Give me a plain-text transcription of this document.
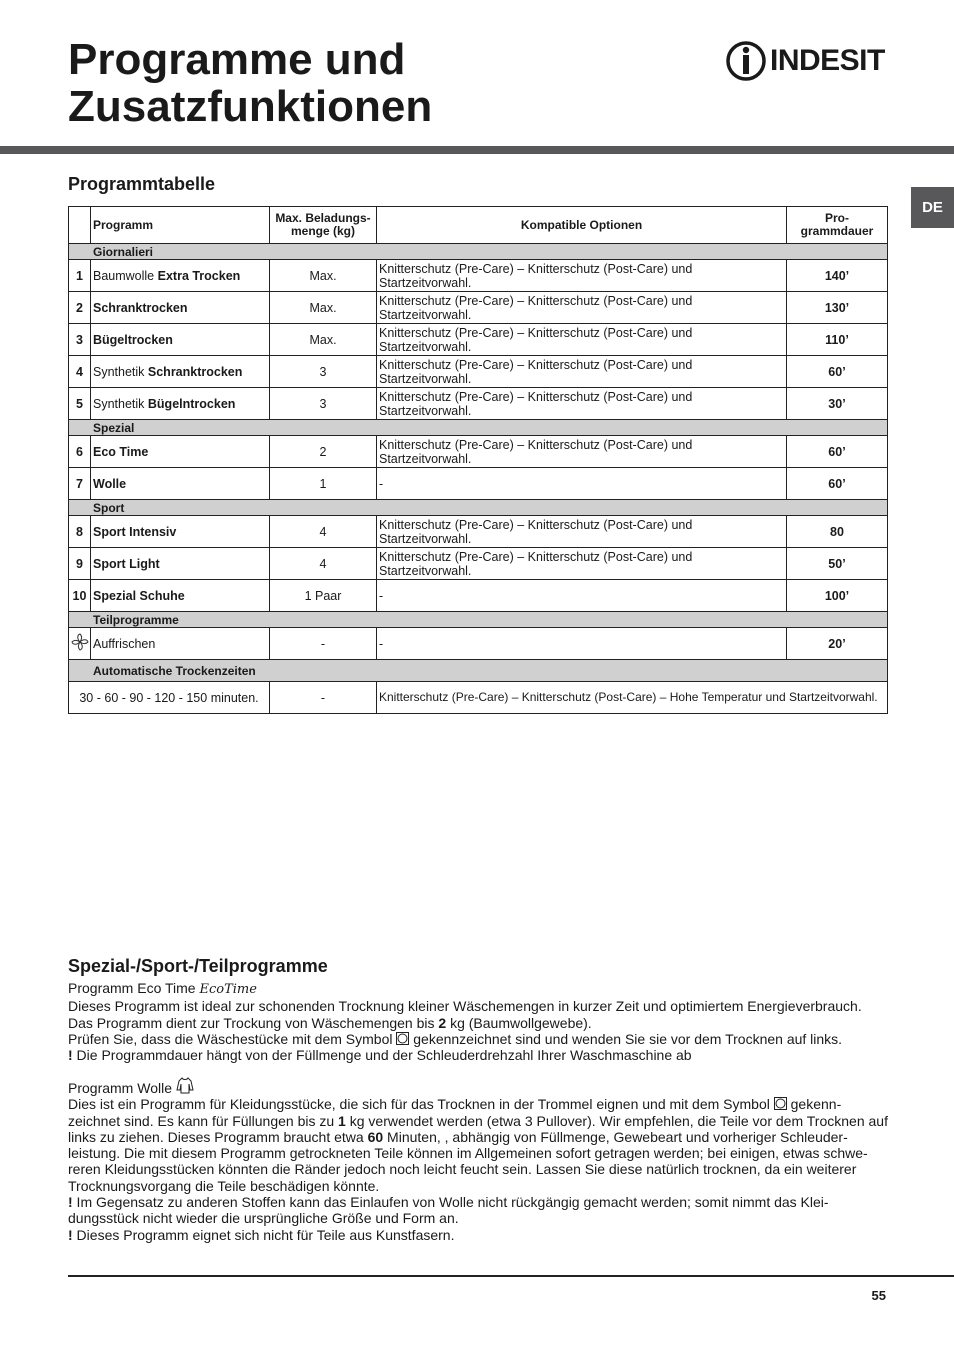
Programme und
Zusatzfunktionen
INDESIT
DE
Programmtabelle
	Programm	Max. Beladungs-menge (kg)	Kompatible Optionen	Pro-grammdauer
Giornalieri				
1	Baumwolle Extra Trocken	Max.	Knitterschutz (Pre-Care) – Knitterschutz (Post-Care) und Startzeitvorwahl.	140’
2	Schranktrocken	Max.	Knitterschutz (Pre-Care) – Knitterschutz (Post-Care) und Startzeitvorwahl.	130’
3	Bügeltrocken	Max.	Knitterschutz (Pre-Care) – Knitterschutz (Post-Care) und Startzeitvorwahl.	110’
4	Synthetik Schranktrocken	3	Knitterschutz (Pre-Care) – Knitterschutz (Post-Care) und Startzeitvorwahl.	60’
5	Synthetik Bügelntrocken	3	Knitterschutz (Pre-Care) – Knitterschutz (Post-Care) und Startzeitvorwahl.	30’
Spezial				
6	Eco Time	2	Knitterschutz (Pre-Care) – Knitterschutz (Post-Care) und Startzeitvorwahl.	60’
7	Wolle	1	-	60’
Sport				
8	Sport Intensiv	4	Knitterschutz (Pre-Care) – Knitterschutz (Post-Care) und Startzeitvorwahl.	80
9	Sport Light	4	Knitterschutz (Pre-Care) – Knitterschutz (Post-Care) und Startzeitvorwahl.	50’
10	Spezial Schuhe	1 Paar	-	100’
Teilprogramme				
	Auffrischen	-	-	20’
Automatische Trockenzeiten				
30 - 60 - 90 - 120 - 150 minuten.		-	Knitterschutz (Pre-Care) – Knitterschutz (Post-Care) – Hohe Temperatur und Startzeitvorwahl.	
Spezial-/Sport-/Teilprogramme

Programm Eco Time EcoTime

Dieses Programm ist ideal zur schonenden Trocknung kleiner Wäschemengen in kurzer Zeit und optimiertem Energieverbrauch. Das Programm dient zur Trockung von Wäschemengen bis 2 kg (Baumwollgewebe).

Prüfen Sie, dass die Wäschestücke mit dem Symbol  gekennzeichnet sind und wenden Sie sie vor dem Trocknen auf links.

! Die Programmdauer hängt von der Füllmenge und der Schleuderdrehzahl Ihrer Waschmaschine ab

Programm Wolle

Dies ist ein Programm für Kleidungsstücke, die sich für das Trocknen in der Trommel eignen und mit dem Symbol  gekenn-zeichnet sind. Es kann für Füllungen bis zu 1 kg verwendet werden (etwa 3 Pullover). Wir empfehlen, die Teile vor dem Trocknen auf links zu ziehen. Dieses Programm braucht etwa 60 Minuten, , abhängig von Füllmenge, Gewebeart und vorheriger Schleuder-leistung. Die mit diesem Programm getrockneten Teile können im Allgemeinen sofort getragen werden; bei einigen, etwas schwe-reren Kleidungsstücken könnten die Ränder jedoch noch leicht feucht sein. Lassen Sie diese natürlich trocknen, da ein weiterer Trocknungsvorgang die Teile beschädigen könnte.

! Im Gegensatz zu anderen Stoffen kann das Einlaufen von Wolle nicht rückgängig gemacht werden; somit nimmt das Klei-dungsstück nicht wieder die ursprüngliche Größe und Form an.

! Dieses Programm eignet sich nicht für Teile aus Kunstfasern.

55
